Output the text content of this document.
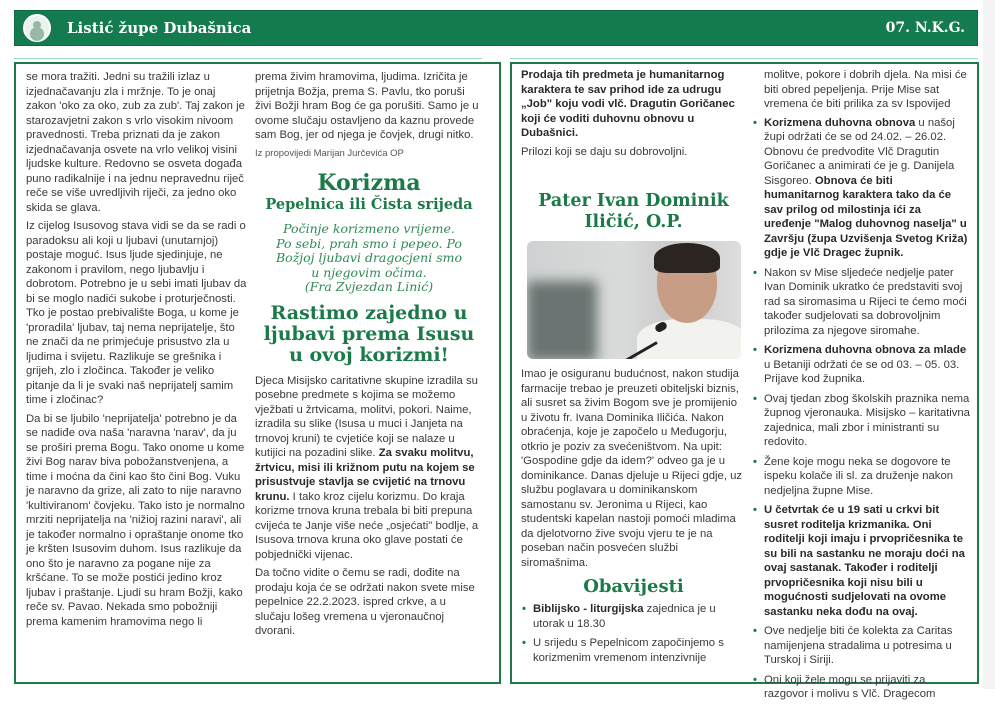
Listić župe Dubašnica	07. N.K.G.

se mora tražiti. Jedni su tražili izlaz u izjednačavanju zla i mržnje. To je onaj zakon 'oko za oko, zub za zub'. Taj zakon je starozavjetni zakon s vrlo visokim nivoom pravednosti. Treba priznati da je zakon izjednačavanja osvete na vrlo velikoj visini ljudske kulture. Redovno se osveta događa puno radikalnije i na jednu nepravednu riječ reče se više uvredljivih riječi, za jedno oko skida se glava.

Iz cijelog Isusovog stava vidi se da se radi o paradoksu ali koji u ljubavi (unutarnjoj) postaje moguć. Isus ljude sjedinjuje, ne zakonom i pravilom, nego ljubavlju i dobrotom. Potrebno je u sebi imati ljubav da bi se moglo nadići sukobe i proturječnosti. Tko je postao prebivalište Boga, u kome je 'proradila' ljubav, taj nema neprijatelje, što ne znači da ne primjećuje prisustvo zla u ljudima i svijetu. Razlikuje se grešnika i grijeh, zlo i zločinca. Također je veliko pitanje da li je svaki naš neprijatelj samim time i zločinac?

Da bi se ljubilo 'neprijatelja' potrebno je da se nadiđe ova naša 'naravna 'narav', da ju se proširi prema Bogu. Tako onome u kome živi Bog narav biva pobožanstvenjena, a time i moćna da čini kao što čini Bog. Vuku je naravno da grize, ali zato to nije naravno 'kultiviranom' čovjeku. Tako isto je normalno mrziti neprijatelja na 'nižioj razini naravi', ali je također normalno i opraštanje onome tko je kršten Isusovim duhom. Isus razlikuje da ono što je naravno za pogane nije za kršćane. To se može postići jedino kroz ljubav i praštanje. Ljudi su hram Božji, kako reče sv. Pavao. Nekada smo pobožniji prema kamenim hramovima nego li

prema živim hramovima, ljudima. Izričita je prijetnja Božja, prema S. Pavlu, tko poruši živi Božji hram Bog će ga porušiti. Samo je u ovome slučaju ostavljeno da kaznu provede sam Bog, jer od njega je čovjek, drugi nitko.

Iz propovijedi Marijan Jurčevića OP

Korizma
Pepelnica ili Čista srijeda
Počinje korizmeno vrijeme.
Po sebi, prah smo i pepeo. Po
Božjoj ljubavi dragocjeni smo
u njegovim očima.
(Fra Zvjezdan Linić)
Rastimo zajedno u ljubavi prema Isusu u ovoj korizmi!

Djeca Misijsko caritativne skupine izradila su posebne predmete s kojima se možemo vježbati u žrtvicama, molitvi, pokori. Naime, izradila su slike (Isusa u muci i Janjeta na trnovoj kruni) te cvjetiće koji se nalaze u kutijici na pozadini slike. Za svaku molitvu, žrtvicu, misi ili križnom putu na kojem se prisustvuje stavlja se cvijetić na trnovu krunu. I tako kroz cijelu korizmu. Do kraja korizme trnova kruna trebala bi biti prepuna cvijeća te Janje više neće „osjećati" bodlje, a Isusova trnova kruna oko glave postati će pobjednički vijenac.

Da točno vidite o čemu se radi, dođite na prodaju koja će se održati nakon svete mise pepelnice 22.2.2023. ispred crkve, a u slučaju lošeg vremena u vjeronaučnoj dvorani.

Prodaja tih predmeta je humanitarnog karaktera te sav prihod ide za udrugu „Job" koju vodi vlč. Dragutin Goričanec koji će voditi duhovnu obnovu u Dubašnici.

Prilozi koji se daju su dobrovoljni.

Pater Ivan Dominik Iličić, O.P.

Imao je osiguranu budućnost, nakon studija farmacije trebao je preuzeti obiteljski biznis, ali susret sa živim Bogom sve je promijenio u životu fr. Ivana Dominika Iličića. Nakon obraćenja, koje je započelo u Međugorju, otkrio je poziv za svećeništvom. Na upit: 'Gospodine gdje da idem?' odveo ga je u dominikance. Danas djeluje u Rijeci gdje, uz službu poglavara u dominikanskom samostanu sv. Jeronima u Rijeci, kao studentski kapelan nastoji pomoći mladima da djelotvorno žive svoju vjeru te je na poseban način posvećen službi siromašnima.

Obavijesti
• Biblijsko - liturgijska zajednica je u utorak u 18.30
• U srijedu s Pepelnicom započinjemo s korizmenim vremenom intenzivnije

molitve, pokore i dobrih djela. Na misi će biti obred pepeljenja. Prije Mise sat vremena će biti prilika za sv Ispovijed

• Korizmena duhovna obnova u našoj župi održati će se od 24.02. – 26.02. Obnovu će predvodite Vlč Dragutin Goričanec a animirati će je g. Danijela Sisgoreo. Obnova će biti humanitarnog karaktera tako da će sav prilog od milostinja ići za uređenje "Malog duhovnog naselja" u Završju (župa Uzvišenja Svetog Križa) gdje je Vlč Dragec župnik.
• Nakon sv Mise sljedeće nedjelje pater Ivan Dominik ukratko će predstaviti svoj rad sa siromasima u Rijeci te ćemo moći također sudjelovati sa dobrovoljnim prilozima za njegove siromahe.
• Korizmena duhovna obnova za mlade u Betaniji održati će se od 03. – 05. 03. Prijave kod župnika.
• Ovaj tjedan zbog školskih praznika nema župnog vjeronauka. Misijsko – karitativna zajednica, mali zbor i ministranti su redovito.
• Žene koje mogu neka se dogovore te ispeku kolače ili sl. za druženje nakon nedjeljna župne Mise.
• U četvrtak će u 19 sati u crkvi bit susret roditelja krizmanika. Oni roditelji koji imaju i prvopričesnika te su bili na sastanku ne moraju doći na ovaj sastanak. Također i roditelji prvopričesnika koji nisu bili u mogućnosti sudjelovati na ovome sastanku neka dođu na ovaj.
• Ove nedjelje biti će kolekta za Caritas namijenjena stradalima u potresima u Turskoj i Siriji.
• Oni koji žele mogu se prijaviti za razgovor i molivu s Vlč. Dragecom
